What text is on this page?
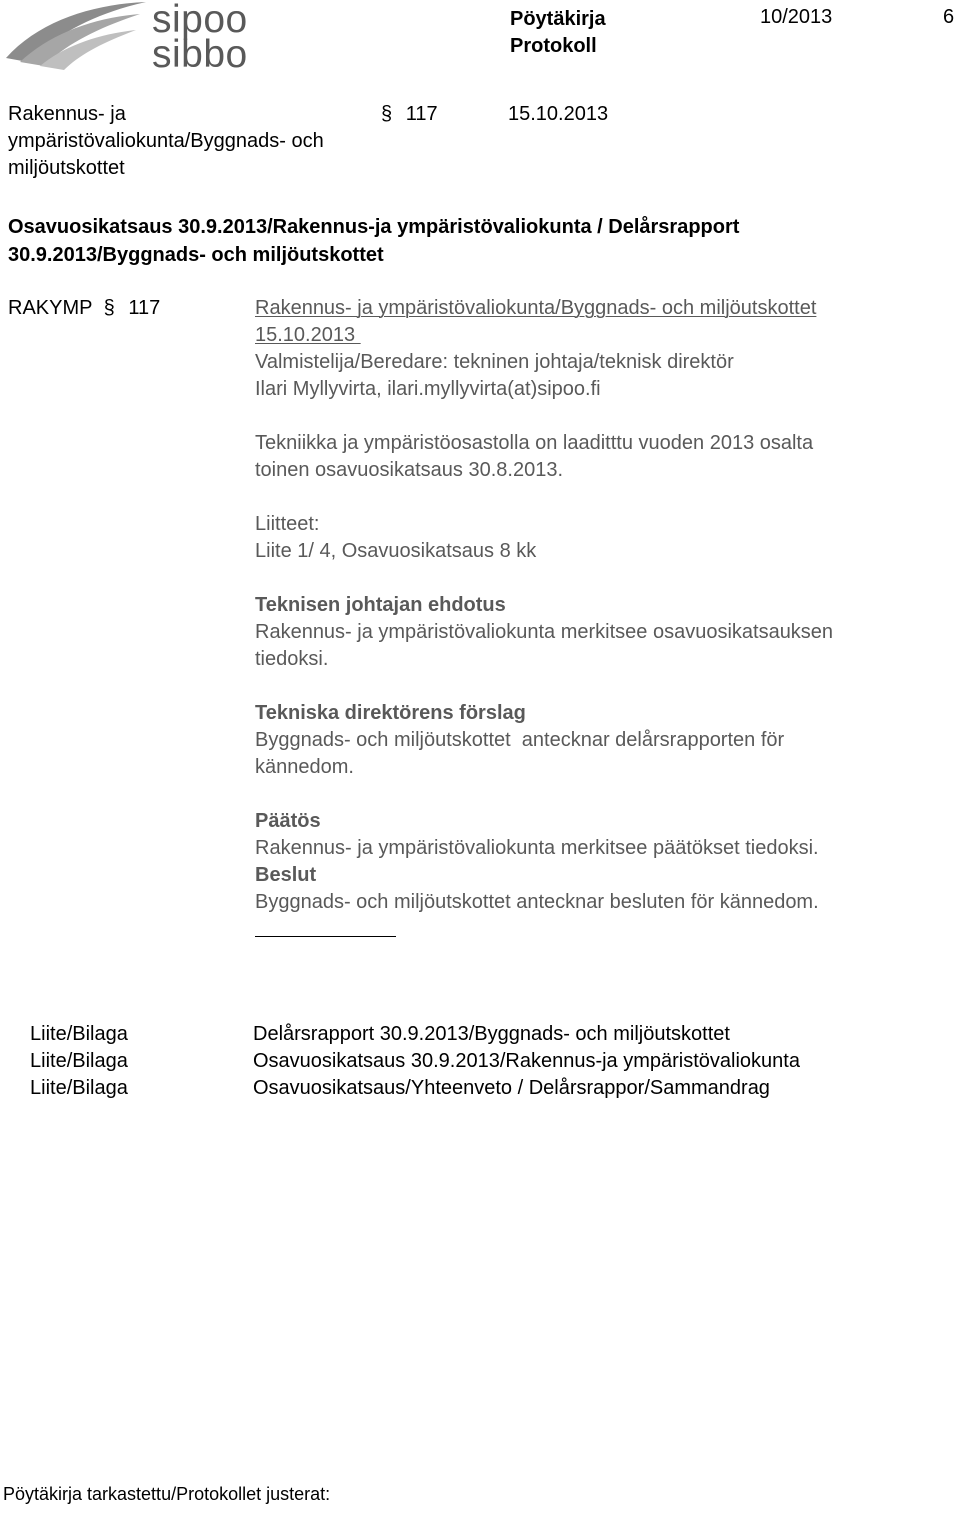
sipoo
sibbo
Pöytäkirja
Protokoll
10/2013	6
Rakennus- ja
ympäristövaliokunta/Byggnads- och
miljöutskottet
§ 117	15.10.2013
Osavuosikatsaus 30.9.2013/Rakennus-ja ympäristövaliokunta / Delårsrapport
30.9.2013/Byggnads- och miljöutskottet
RAKYMP § 117	Rakennus- ja ympäristövaliokunta/Byggnads- och miljöutskottet
15.10.2013
Valmistelija/Beredare: tekninen johtaja/teknisk direktör
Ilari Myllyvirta, ilari.myllyvirta(at)sipoo.fi
Tekniikka ja ympäristöosastolla on laaditttu vuoden 2013 osalta
toinen osavuosikatsaus 30.8.2013.
Liitteet:
Liite 1/ 4, Osavuosikatsaus 8 kk
Teknisen johtajan ehdotus
Rakennus- ja ympäristövaliokunta merkitsee osavuosikatsauksen
tiedoksi.
Tekniska direktörens förslag
Byggnads- och miljöutskottet  antecknar delårsrapporten för
kännedom.
Päätös
Rakennus- ja ympäristövaliokunta merkitsee päätökset tiedoksi.
Beslut
Byggnads- och miljöutskottet antecknar besluten för kännedom.
Liite/Bilaga	Delårsrapport 30.9.2013/Byggnads- och miljöutskottet
Liite/Bilaga	Osavuosikatsaus 30.9.2013/Rakennus-ja ympäristövaliokunta
Liite/Bilaga	Osavuosikatsaus/Yhteenveto / Delårsrappor/Sammandrag
Pöytäkirja tarkastettu/Protokollet justerat:
